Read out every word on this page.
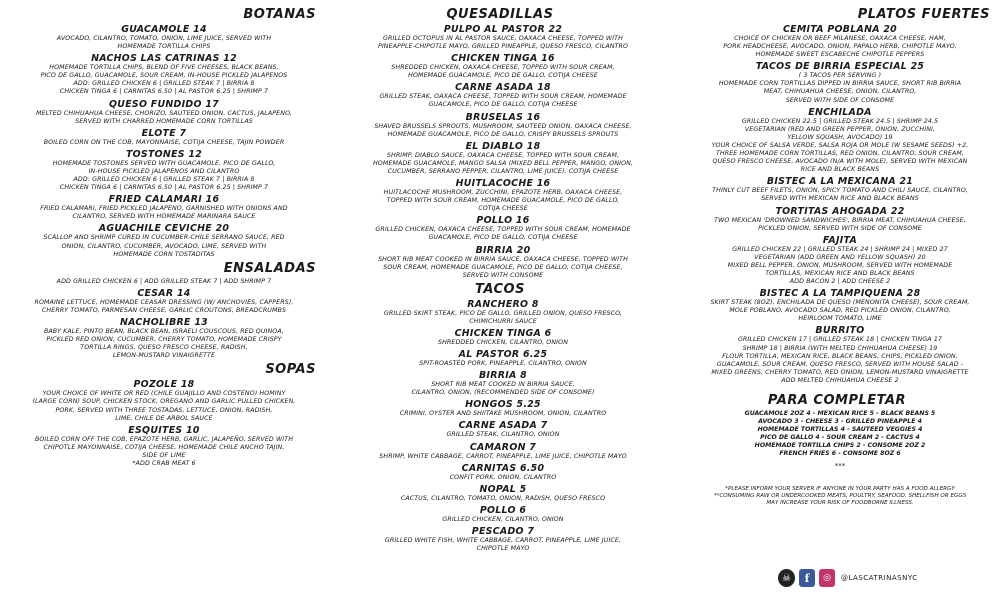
BOTANAS
GUACAMOLE 14
AVOCADO, CILANTRO, TOMATO, ONION, LIME JUICE, SERVED WITH
HOMEMADE TORTILLA CHIPS
NACHOS LAS CATRINAS 12
HOMEMADE TORTILLA CHIPS, BLEND OF FIVE CHEESES, BLACK BEANS,
PICO DE GALLO, GUACAMOLE, SOUR CREAM, IN-HOUSE PICKLED JALAPENOS
ADD: GRILLED CHICKEN 6 | GRILLED STEAK 7 | BIRRIA 8
CHICKEN TINGA 6 | CARNITAS 6.50 | AL PASTOR 6.25 | SHRIMP 7
QUESO FUNDIDO 17
MELTED CHIHUAHUA CHEESE, CHORIZO, SAUTEED ONION, CACTUS, JALAPENO,
SERVED WITH CHARRED HOMEMADE CORN TORTILLAS
ELOTE 7
BOILED CORN ON THE COB, MAYONNAISE, COTIJA CHEESE, TAJIN POWDER
TOSTONES 12
HOMEMADE TOSTONES SERVED WITH GUACAMOLE, PICO DE GALLO,
IN-HOUSE PICKLED JALAPENOS AND CILANTRO
ADD: GRILLED CHICKEN 6 | GRILLED STEAK 7 | BIRRIA 8
CHICKEN TINGA 6 | CARNITAS 6.50 | AL PASTOR 6.25 | SHRIMP 7
FRIED CALAMARI 16
FRIED CALAMARI, FRIED PICKLED JALAPENO, GARNISHED WITH ONIONS AND
CILANTRO, SERVED WITH HOMEMADE MARINARA SAUCE
AGUACHILE CEVICHE 20
SCALLOP AND SHRIMP CURED IN CUCUMBER-CHILE SERRANO SAUCE, RED
ONION, CILANTRO, CUCUMBER, AVOCADO, LIME, SERVED WITH
HOMEMADE CORN TOSTADITAS
ENSALADAS
ADD GRILLED CHICKEN 6 | ADD GRILLED STEAK 7 | ADD SHRIMP 7
CESAR 14
ROMAINE LETTUCE, HOMEMADE CEASAR DRESSING (W/ ANCHOVIES, CAPPERS),
CHERRY TOMATO, PARMESAN CHEESE, GARLIC CROUTONS, BREADCRUMBS
NACHOLIBRE 13
BABY KALE, PINTO BEAN, BLACK BEAN, ISRAELI COUSCOUS, RED QUINOA,
PICKLED RED ONION, CUCUMBER, CHERRY TOMATO, HOMEMADE CRISPY
TORTILLA RINGS, QUESO FRESCO CHEESE, RADISH,
LEMON-MUSTARD VINAIGRETTE
SOPAS
POZOLE 18
YOUR CHOICE OF WHITE OR RED (CHILE GUAJILLO AND COSTENO) HOMINY
(LARGE CORN) SOUP, CHICKEN STOCK, OREGANO AND GARLIC PULLED CHICKEN,
PORK, SERVED WITH THREE TOSTADAS, LETTUCE, ONION, RADISH,
LIME, CHILE DE ARBOL SAUCE
ESQUITES 10
BOILED CORN OFF THE COB, EPAZOTE HERB, GARLIC, JALAPEÑO, SERVED WITH
CHIPOTLE MAYONNAISE, COTIJA CHEESE, HOMEMADE CHILE ANCHO TAJIN,
SIDE OF LIME
*ADD CRAB MEAT 6
QUESADILLAS
PULPO AL PASTOR 22
GRILLED OCTOPUS IN AL PASTOR SAUCE, OAXACA CHEESE, TOPPED WITH
PINEAPPLE-CHIPOTLE MAYO, GRILLED PINEAPPLE, QUESO FRESCO, CILANTRO
CHICKEN TINGA 16
SHREDDED CHICKEN, OAXACA CHEESE, TOPPED WITH SOUR CREAM,
HOMEMADE GUACAMOLE, PICO DE GALLO, COTIJA CHEESE
CARNE ASADA 18
GRILLED STEAK, OAXACA CHEESE, TOPPED WITH SOUR CREAM, HOMEMADE
GUACAMOLE, PICO DE GALLO, COTIJA CHEESE
BRUSELAS 16
SHAVED BRUSSELS SPROUTS, MUSHROOM, SAUTEED ONION, OAXACA CHEESE,
HOMEMADE GUACAMOLE, PICO DE GALLO, CRISPY BRUSSELS SPROUTS
EL DIABLO 18
SHRIMP, DIABLO SAUCE, OAXACA CHEESE, TOPPED WITH SOUR CREAM,
HOMEMADE GUACAMOLE, MANGO SALSA (MIXED BELL PEPPER, MANGO, ONION,
CUCUMBER, SERRANO PEPPER, CILANTRO, LIME JUICE), COTIJA CHEESE
HUITLACOCHE 16
HUITLACOCHE MUSHROOM, ZUCCHINI, EPAZOTE HERB, OAXACA CHEESE,
TOPPED WITH SOUR CREAM, HOMEMADE GUACAMOLE, PICO DE GALLO,
COTIJA CHEESE
POLLO 16
GRILLED CHICKEN, OAXACA CHEESE, TOPPED WITH SOUR CREAM, HOMEMADE
GUACAMOLE, PICO DE GALLO, COTIJA CHEESE
BIRRIA 20
SHORT RIB MEAT COOKED IN BIRRIA SAUCE, OAXACA CHEESE, TOPPED WITH
SOUR CREAM, HOMEMADE GUACAMOLE, PICO DE GALLO, COTIJA CHEESE,
SERVED WITH CONSOME
TACOS
RANCHERO 8
GRILLED SKIRT STEAK, PICO DE GALLO, GRILLED ONION, QUESO FRESCO,
CHIMICHURRI SAUCE
CHICKEN TINGA 6
SHREDDED CHICKEN, CILANTRO, ONION
AL PASTOR 6.25
SPIT-ROASTED PORK, PINEAPPLE, CILANTRO, ONION
BIRRIA 8
SHORT RIB MEAT COOKED IN BIRRIA SAUCE,
CILANTRO, ONION, (RECOMMENDED SIDE OF CONSOME)
HONGOS 5.25
CRIMINI, OYSTER AND SHIITAKE MUSHROOM, ONION, CILANTRO
CARNE ASADA 7
GRILLED STEAK, CILANTRO, ONION
CAMARON 7
SHRIMP, WHITE CABBAGE, CARROT, PINEAPPLE, LIME JUICE, CHIPOTLE MAYO
CARNITAS 6.50
CONFIT PORK, ONION, CILANTRO
NOPAL 5
CACTUS, CILANTRO, TOMATO, ONION, RADISH, QUESO FRESCO
POLLO 6
GRILLED CHICKEN, CILANTRO, ONION
PESCADO 7
GRILLED WHITE FISH, WHITE CABBAGE, CARROT, PINEAPPLE, LIME JUICE,
CHIPOTLE MAYO
PLATOS FUERTES
CEMITA POBLANA 20
CHOICE OF CHICKEN OR BEEF MILANESE, OAXACA CHEESE, HAM,
PORK HEADCHEESE, AVOCADO, ONION, PAPALO HERB, CHIPOTLE MAYO,
HOMEMADE SWEET ESCABECHE CHIPOTLE PEPPERS
TACOS DE BIRRIA ESPECIAL 25
( 3 TACOS PER SERVING )
HOMEMADE CORN TORTILLAS DIPPED IN BIRRIA SAUCE, SHORT RIB BIRRIA
MEAT, CHIHUAHUA CHEESE, ONION, CILANTRO,
SERVED WITH SIDE OF CONSOME
ENCHILADA
GRILLED CHICKEN 22.5 | GRILLED STEAK 24.5 | SHRIMP 24.5
VEGETARIAN (RED AND GREEN PEPPER, ONION, ZUCCHINI,
YELLOW SQUASH, AVOCADO) 19
YOUR CHOICE OF SALSA VERDE, SALSA ROJA OR MOLE (W SESAME SEEDS) +2,
THREE HOMEMADE CORN TORTILLAS, RED ONION, CILANTRO, SOUR CREAM,
QUESO FRESCO CHEESE, AVOCADO (N/A WITH MOLE), SERVED WITH MEXICAN
RICE AND BLACK BEANS
BISTEC A LA MEXICANA 21
THINLY CUT BEEF FILETS, ONION, SPICY TOMATO AND CHILI SAUCE, CILANTRO,
SERVED WITH MEXICAN RICE AND BLACK BEANS
TORTITAS AHOGADA 22
TWO MEXICAN 'DROWNED SANDWICHES', BIRRIA MEAT, CHIHUAHUA CHEESE,
PICKLED ONION, SERVED WITH SIDE OF CONSOME
FAJITA
GRILLED CHICKEN 22 | GRILLED STEAK 24 | SHRIMP 24 | MIXED 27
VEGETARIAN (ADD GREEN AND YELLOW SQUASH) 20
MIXED BELL PEPPER, ONION, MUSHROOM, SERVED WITH HOMEMADE
TORTILLAS, MEXICAN RICE AND BLACK BEANS
ADD BACON 2 | ADD CHEESE 2
BISTEC A LA TAMPIQUENA 28
SKIRT STEAK (8OZ), ENCHILADA DE QUESO (MENONITA CHEESE), SOUR CREAM,
MOLE POBLANO, AVOCADO SALAD, RED PICKLED ONION, CILANTRO,
HEIRLOOM TOMATO, LIME
BURRITO
GRILLED CHICKEN 17 | GRILLED STEAK 18 | CHICKEN TINGA 17
SHRIMP 18 | BIRRIA (WITH MELTED CHIHUAHUA CHEESE) 19
FLOUR TORTILLA, MEXICAN RICE, BLACK BEANS, CHIPS, PICKLED ONION,
GUACAMOLE, SOUR CREAM, QUESO FRESCO, SERVED WITH HOUSE SALAD -
MIXED GREENS, CHERRY TOMATO, RED ONION, LEMON-MUSTARD VINAIGRETTE
ADD MELTED CHIHUAHUA CHEESE 2
PARA COMPLETAR
GUACAMOLE 2OZ 4 - MEXICAN RICE 5 - BLACK BEANS 5
AVOCADO 3 - CHEESE 3 - GRILLED PINEAPPLE 4
HOMEMADE TORTILLAS 4 - SAUTEED VEGGIES 4
PICO DE GALLO 4 - SOUR CREAM 2 - CACTUS 4
HOMEMADE TORTILLA CHIPS 2 - CONSOME 2OZ 2
FRENCH FRIES 6 - CONSOME 8OZ 6
***
*PLEASE INFORM YOUR SERVER IF ANYONE IN YOUR PARTY HAS A FOOD ALLERGY
**CONSUMING RAW OR UNDERCOOKED MEATS, POULTRY, SEAFOOD, SHELLFISH OR EGGS
MAY INCREASE YOUR RISK OF FOODBORNE ILLNESS.
☠	f	◎	@LASCATRINASNYC
